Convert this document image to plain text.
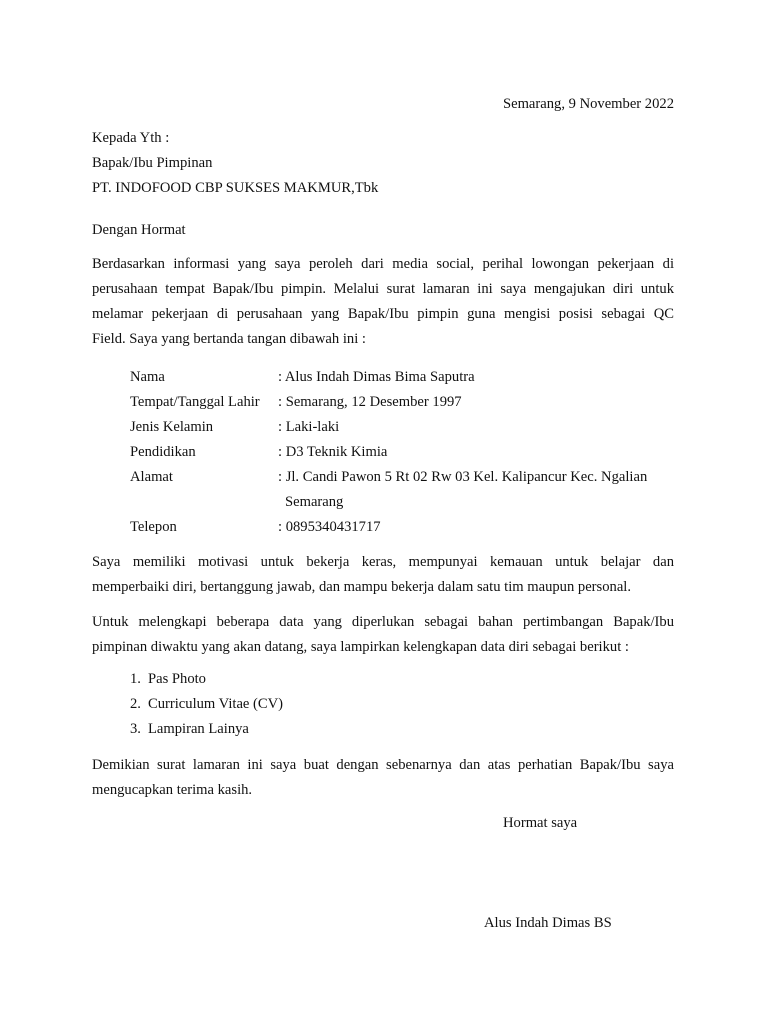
Semarang, 9 November 2022
Kepada Yth :
Bapak/Ibu Pimpinan
PT. INDOFOOD CBP SUKSES MAKMUR,Tbk
Dengan Hormat
Berdasarkan informasi yang saya peroleh dari media social, perihal lowongan pekerjaan di
perusahaan tempat Bapak/Ibu pimpin. Melalui surat lamaran ini saya mengajukan diri untuk
melamar pekerjaan di perusahaan yang Bapak/Ibu pimpin guna mengisi posisi sebagai QC
Field. Saya yang bertanda tangan dibawah ini :
Nama	: Alus Indah Dimas Bima Saputra
Tempat/Tanggal Lahir : Semarang, 12 Desember 1997
Jenis Kelamin	: Laki-laki
Pendidikan	: D3 Teknik Kimia
Alamat	: Jl. Candi Pawon 5 Rt 02 Rw 03 Kel. Kalipancur Kec. Ngalian
Semarang
Telepon	: 0895340431717
Saya memiliki motivasi untuk bekerja keras, mempunyai kemauan untuk belajar dan
memperbaiki diri, bertanggung jawab, dan mampu bekerja dalam satu tim maupun personal.
Untuk melengkapi beberapa data yang diperlukan sebagai bahan pertimbangan Bapak/Ibu
pimpinan diwaktu yang akan datang, saya lampirkan kelengkapan data diri sebagai berikut :
1. Pas Photo
2. Curriculum Vitae (CV)
3. Lampiran Lainya
Demikian surat lamaran ini saya buat dengan sebenarnya dan atas perhatian Bapak/Ibu saya
mengucapkan terima kasih.
Hormat saya
Alus Indah Dimas BS
